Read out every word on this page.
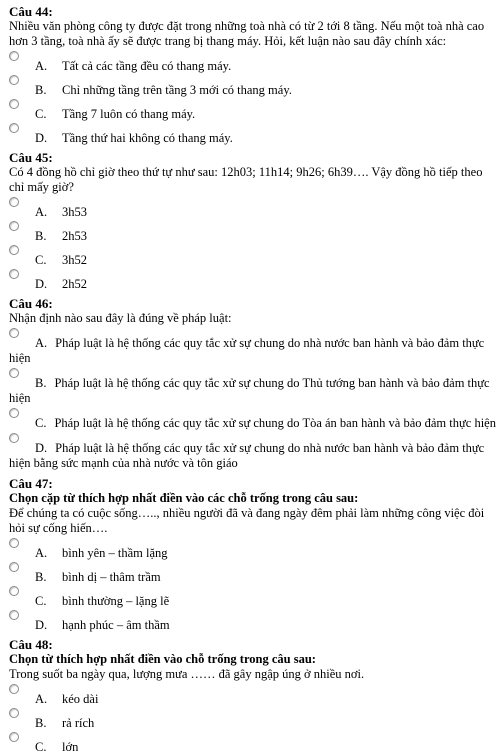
Câu 44:
Nhiều văn phòng công ty được đặt trong những toà nhà có từ 2 tới 8 tầng. Nếu một toà nhà cao hơn 3 tầng, toà nhà ấy sẽ được trang bị thang máy. Hỏi, kết luận nào sau đây chính xác:
A. Tất cả các tầng đều có thang máy.
B. Chỉ những tầng trên tầng 3 mới có thang máy.
C. Tầng 7 luôn có thang máy.
D. Tầng thứ hai không có thang máy.
Câu 45:
Có 4 đồng hồ chỉ giờ theo thứ tự như sau: 12h03; 11h14; 9h26; 6h39…. Vậy đồng hồ tiếp theo chỉ mấy giờ?
A. 3h53
B. 2h53
C. 3h52
D. 2h52
Câu 46:
Nhận định nào sau đây là đúng về pháp luật:
A. Pháp luật là hệ thống các quy tắc xử sự chung do nhà nước ban hành và bảo đảm thực hiện
B. Pháp luật là hệ thống các quy tắc xử sự chung do Thủ tướng ban hành và bảo đảm thực hiện
C. Pháp luật là hệ thống các quy tắc xử sự chung do Tòa án ban hành và bảo đảm thực hiện
D. Pháp luật là hệ thống các quy tắc xử sự chung do nhà nước ban hành và bảo đảm thực hiện bằng sức mạnh của nhà nước và tôn giáo
Câu 47:
Chọn cặp từ thích hợp nhất điền vào các chỗ trống trong câu sau:
Để chúng ta có cuộc sống….., nhiều người đã và đang ngày đêm phải làm những công việc đòi hỏi sự cống hiến….
A. bình yên – thầm lặng
B. bình dị – thâm trầm
C. bình thường – lặng lẽ
D. hạnh phúc – âm thầm
Câu 48:
Chọn từ thích hợp nhất điền vào chỗ trống trong câu sau:
Trong suốt ba ngày qua, lượng mưa …… đã gây ngập úng ở nhiều nơi.
A. kéo dài
B. rả rích
C. lớn
